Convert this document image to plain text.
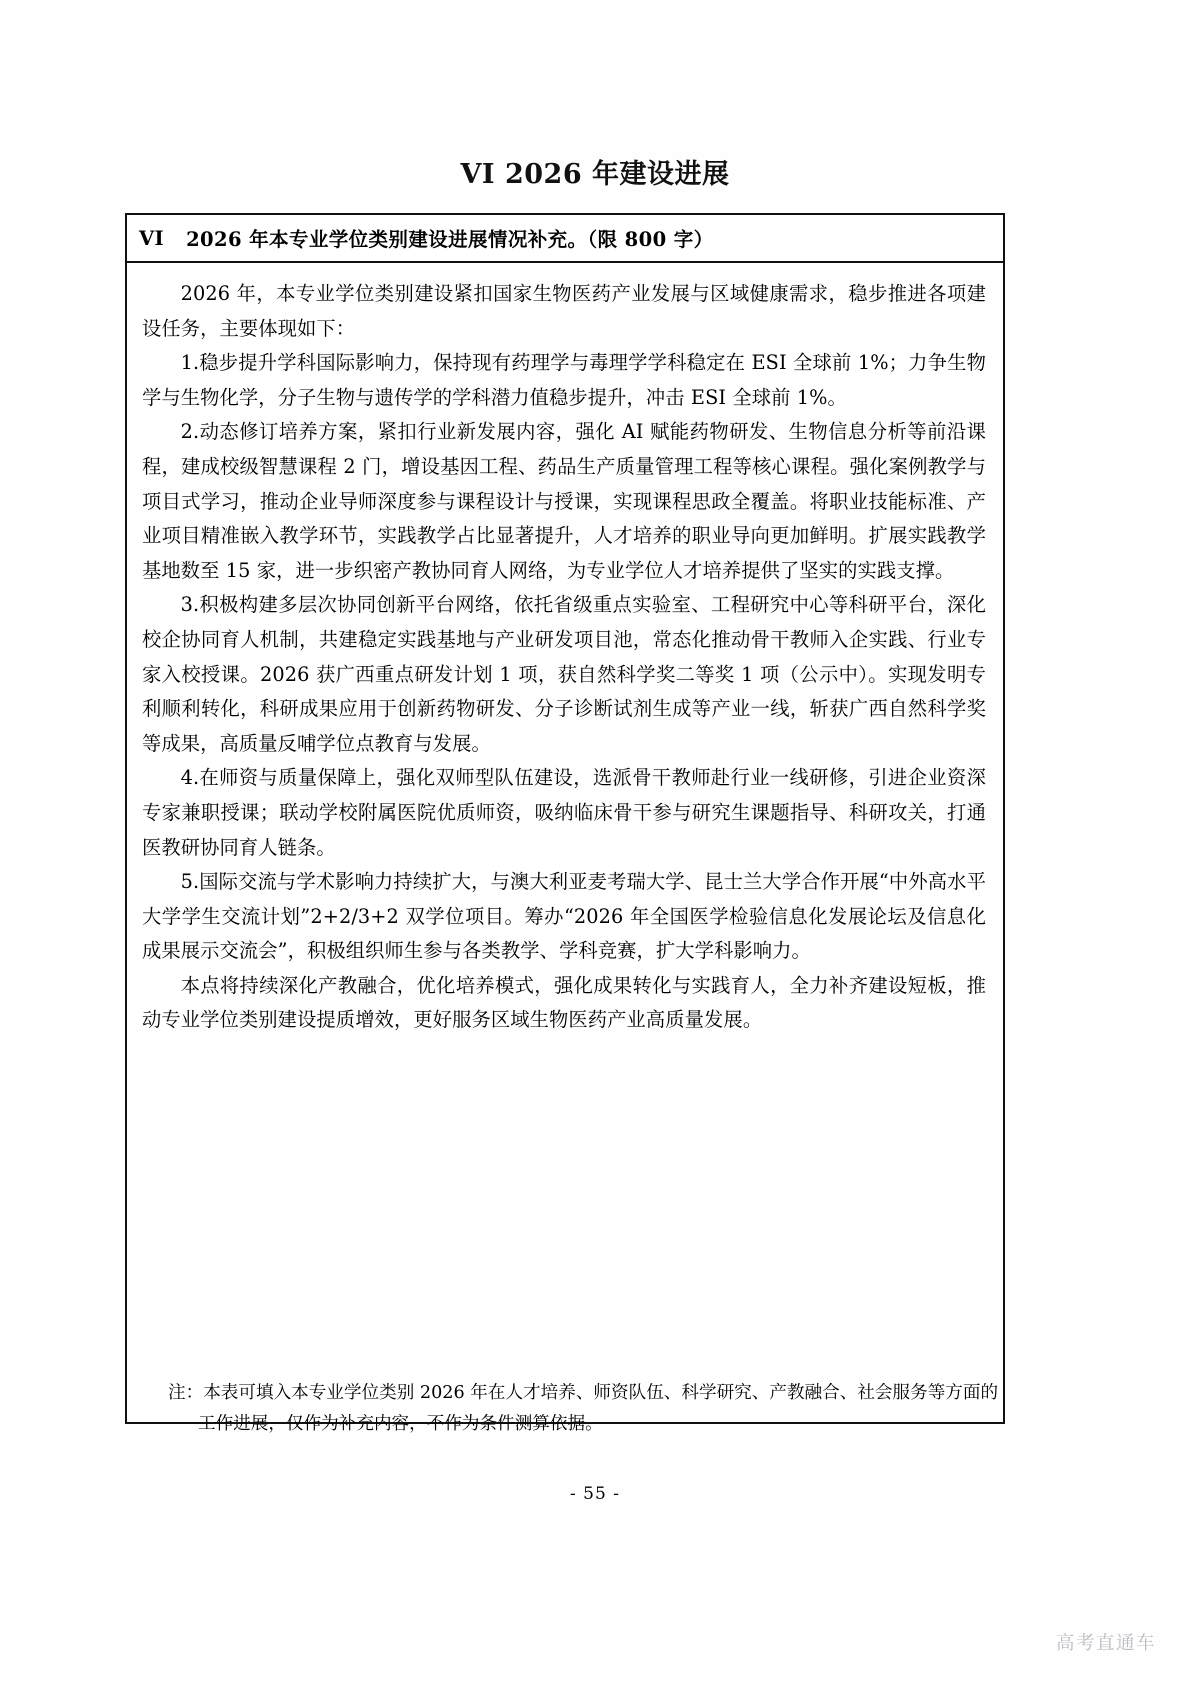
VI 2026 年建设进展
VI 2026 年本专业学位类别建设进展情况补充。（限 800 字）

2026 年，本专业学位类别建设紧扣国家生物医药产业发展与区域健康需求，稳步推进各项建设任务，主要体现如下：

1.稳步提升学科国际影响力，保持现有药理学与毒理学学科稳定在 ESI 全球前 1%；力争生物学与生物化学，分子生物与遗传学的学科潜力值稳步提升，冲击 ESI 全球前 1%。

2.动态修订培养方案，紧扣行业新发展内容，强化 AI 赋能药物研发、生物信息分析等前沿课程，建成校级智慧课程 2 门，增设基因工程、药品生产质量管理工程等核心课程。强化案例教学与项目式学习，推动企业导师深度参与课程设计与授课，实现课程思政全覆盖。将职业技能标准、产业项目精准嵌入教学环节，实践教学占比显著提升，人才培养的职业导向更加鲜明。扩展实践教学基地数至 15 家，进一步织密产教协同育人网络，为专业学位人才培养提供了坚实的实践支撑。

3.积极构建多层次协同创新平台网络，依托省级重点实验室、工程研究中心等科研平台，深化校企协同育人机制，共建稳定实践基地与产业研发项目池，常态化推动骨干教师入企实践、行业专家入校授课。2026 获广西重点研发计划 1 项，获自然科学奖二等奖 1 项（公示中）。实现发明专利顺利转化，科研成果应用于创新药物研发、分子诊断试剂生成等产业一线，斩获广西自然科学奖等成果，高质量反哺学位点教育与发展。

4.在师资与质量保障上，强化双师型队伍建设，选派骨干教师赴行业一线研修，引进企业资深专家兼职授课；联动学校附属医院优质师资，吸纳临床骨干参与研究生课题指导、科研攻关，打通医教研协同育人链条。

5.国际交流与学术影响力持续扩大，与澳大利亚麦考瑞大学、昆士兰大学合作开展“中外高水平大学学生交流计划”2+2/3+2 双学位项目。筹办“2026 年全国医学检验信息化发展论坛及信息化成果展示交流会”，积极组织师生参与各类教学、学科竞赛，扩大学科影响力。

本点将持续深化产教融合，优化培养模式，强化成果转化与实践育人，全力补齐建设短板，推动专业学位类别建设提质增效，更好服务区域生物医药产业高质量发展。

注：本表可填入本专业学位类别 2026 年在人才培养、师资队伍、科学研究、产教融合、社会服务等方面的
工作进展，仅作为补充内容，不作为条件测算依据。
- 55 -
高考直通车
